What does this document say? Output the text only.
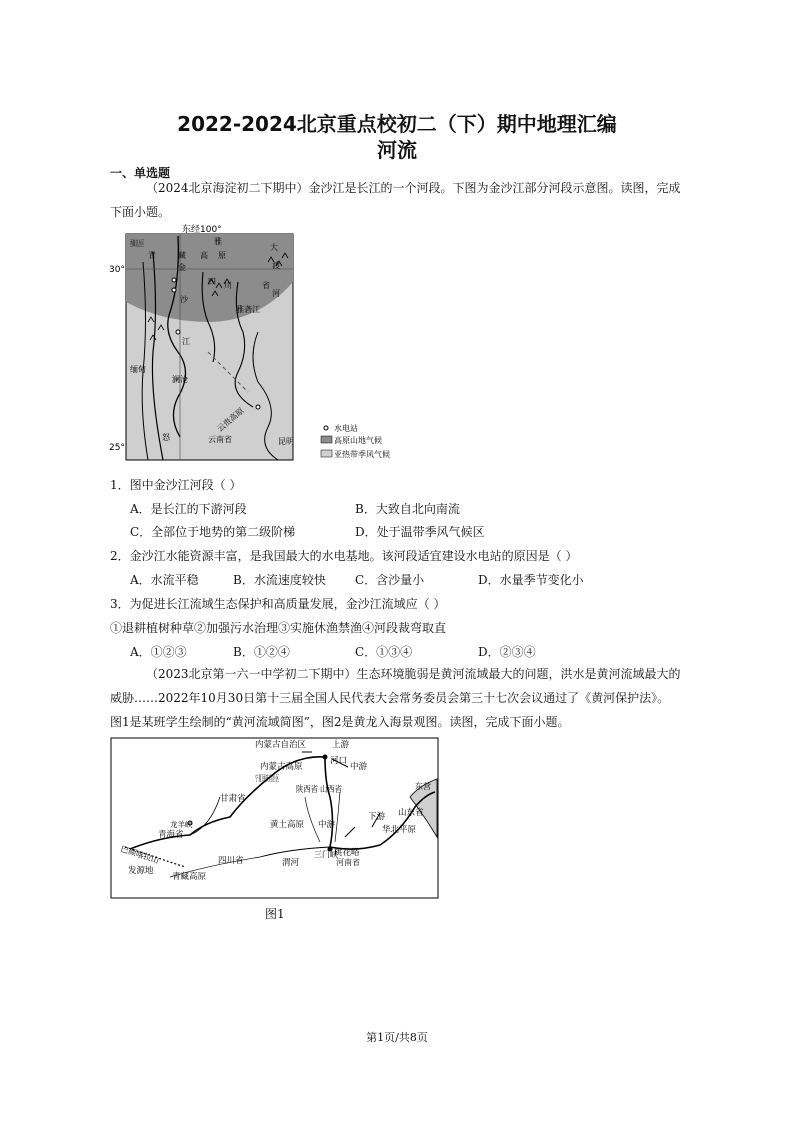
2022-2024北京重点校初二（下）期中地理汇编
河流
一、单选题
（2024北京海淀初二下期中）金沙江是长江的一个河段。下图为金沙江部分河段示意图。读图，完成
下面小题。
东经100°
30°
25°
青	藏 高 原
雅
金
沙
四 川	省
江
大
渡
河
雅砻江
澜沧
怒
缅甸
云贵高原
云南省	昆明
水电站
高原山地气候
亚热带季风气候
1．图中金沙江河段（ ）
A．是长江的下游河段	B．大致自北向南流
C．全部位于地势的第二级阶梯	D．处于温带季风气候区
2．金沙江水能资源丰富，是我国最大的水电基地。该河段适宜建设水电站的原因是（ ）
A．水流平稳	B．水流速度较快 C．含沙量小	D．水量季节变化小
3．为促进长江流域生态保护和高质量发展，金沙江流域应（ ）
①退耕植树种草②加强污水治理③实施休渔禁渔④河段裁弯取直
A．①②③	B．①②④	C．①③④	D．②③④
（2023北京第一六一中学初二下期中）生态环境脆弱是黄河流域最大的问题，洪水是黄河流域最大的
威胁……2022年10月30日第十三届全国人民代表大会常务委员会第三十七次会议通过了《黄河保护法》。
图1是某班学生绘制的“黄河流域简图”，图2是黄龙入海景观图。读图，完成下面小题。
内蒙古自治区	上游
内蒙古高原
河口
中游
陕西省
山西省
甘肃省
青海省
龙羊峡	黄土高原 中游
下游
东营
山东省
华北平原
巴颜喀拉山
发源地
青藏高原
四川省	渭河
三门峡
桃花峪
河南省
图1
第1页/共8页
